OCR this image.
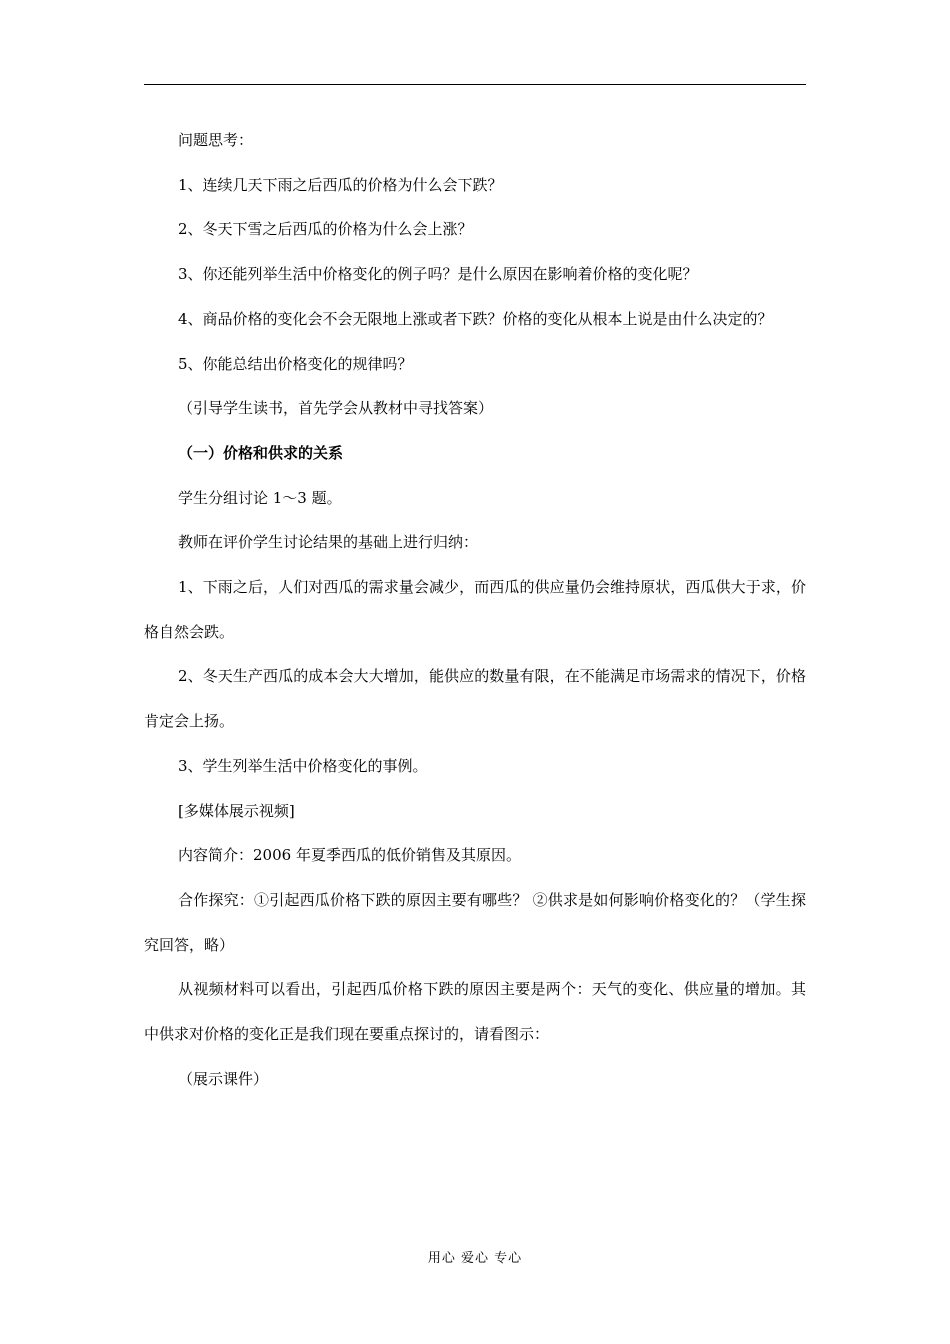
问题思考：

1、连续几天下雨之后西瓜的价格为什么会下跌？

2、冬天下雪之后西瓜的价格为什么会上涨？

3、你还能列举生活中价格变化的例子吗？是什么原因在影响着价格的变化呢？

4、商品价格的变化会不会无限地上涨或者下跌？价格的变化从根本上说是由什么决定的？

5、你能总结出价格变化的规律吗？

（引导学生读书，首先学会从教材中寻找答案）

（一）价格和供求的关系

学生分组讨论 1～3 题。

教师在评价学生讨论结果的基础上进行归纳：

1、下雨之后，人们对西瓜的需求量会减少，而西瓜的供应量仍会维持原状，西瓜供大于求，价格自然会跌。

2、冬天生产西瓜的成本会大大增加，能供应的数量有限，在不能满足市场需求的情况下，价格肯定会上扬。

3、学生列举生活中价格变化的事例。

[多媒体展示视频]

内容简介：2006 年夏季西瓜的低价销售及其原因。

合作探究：①引起西瓜价格下跌的原因主要有哪些？ ②供求是如何影响价格变化的？（学生探究回答，略）

从视频材料可以看出，引起西瓜价格下跌的原因主要是两个：天气的变化、供应量的增加。其中供求对价格的变化正是我们现在要重点探讨的，请看图示：

（展示课件）

用心 爱心 专心
